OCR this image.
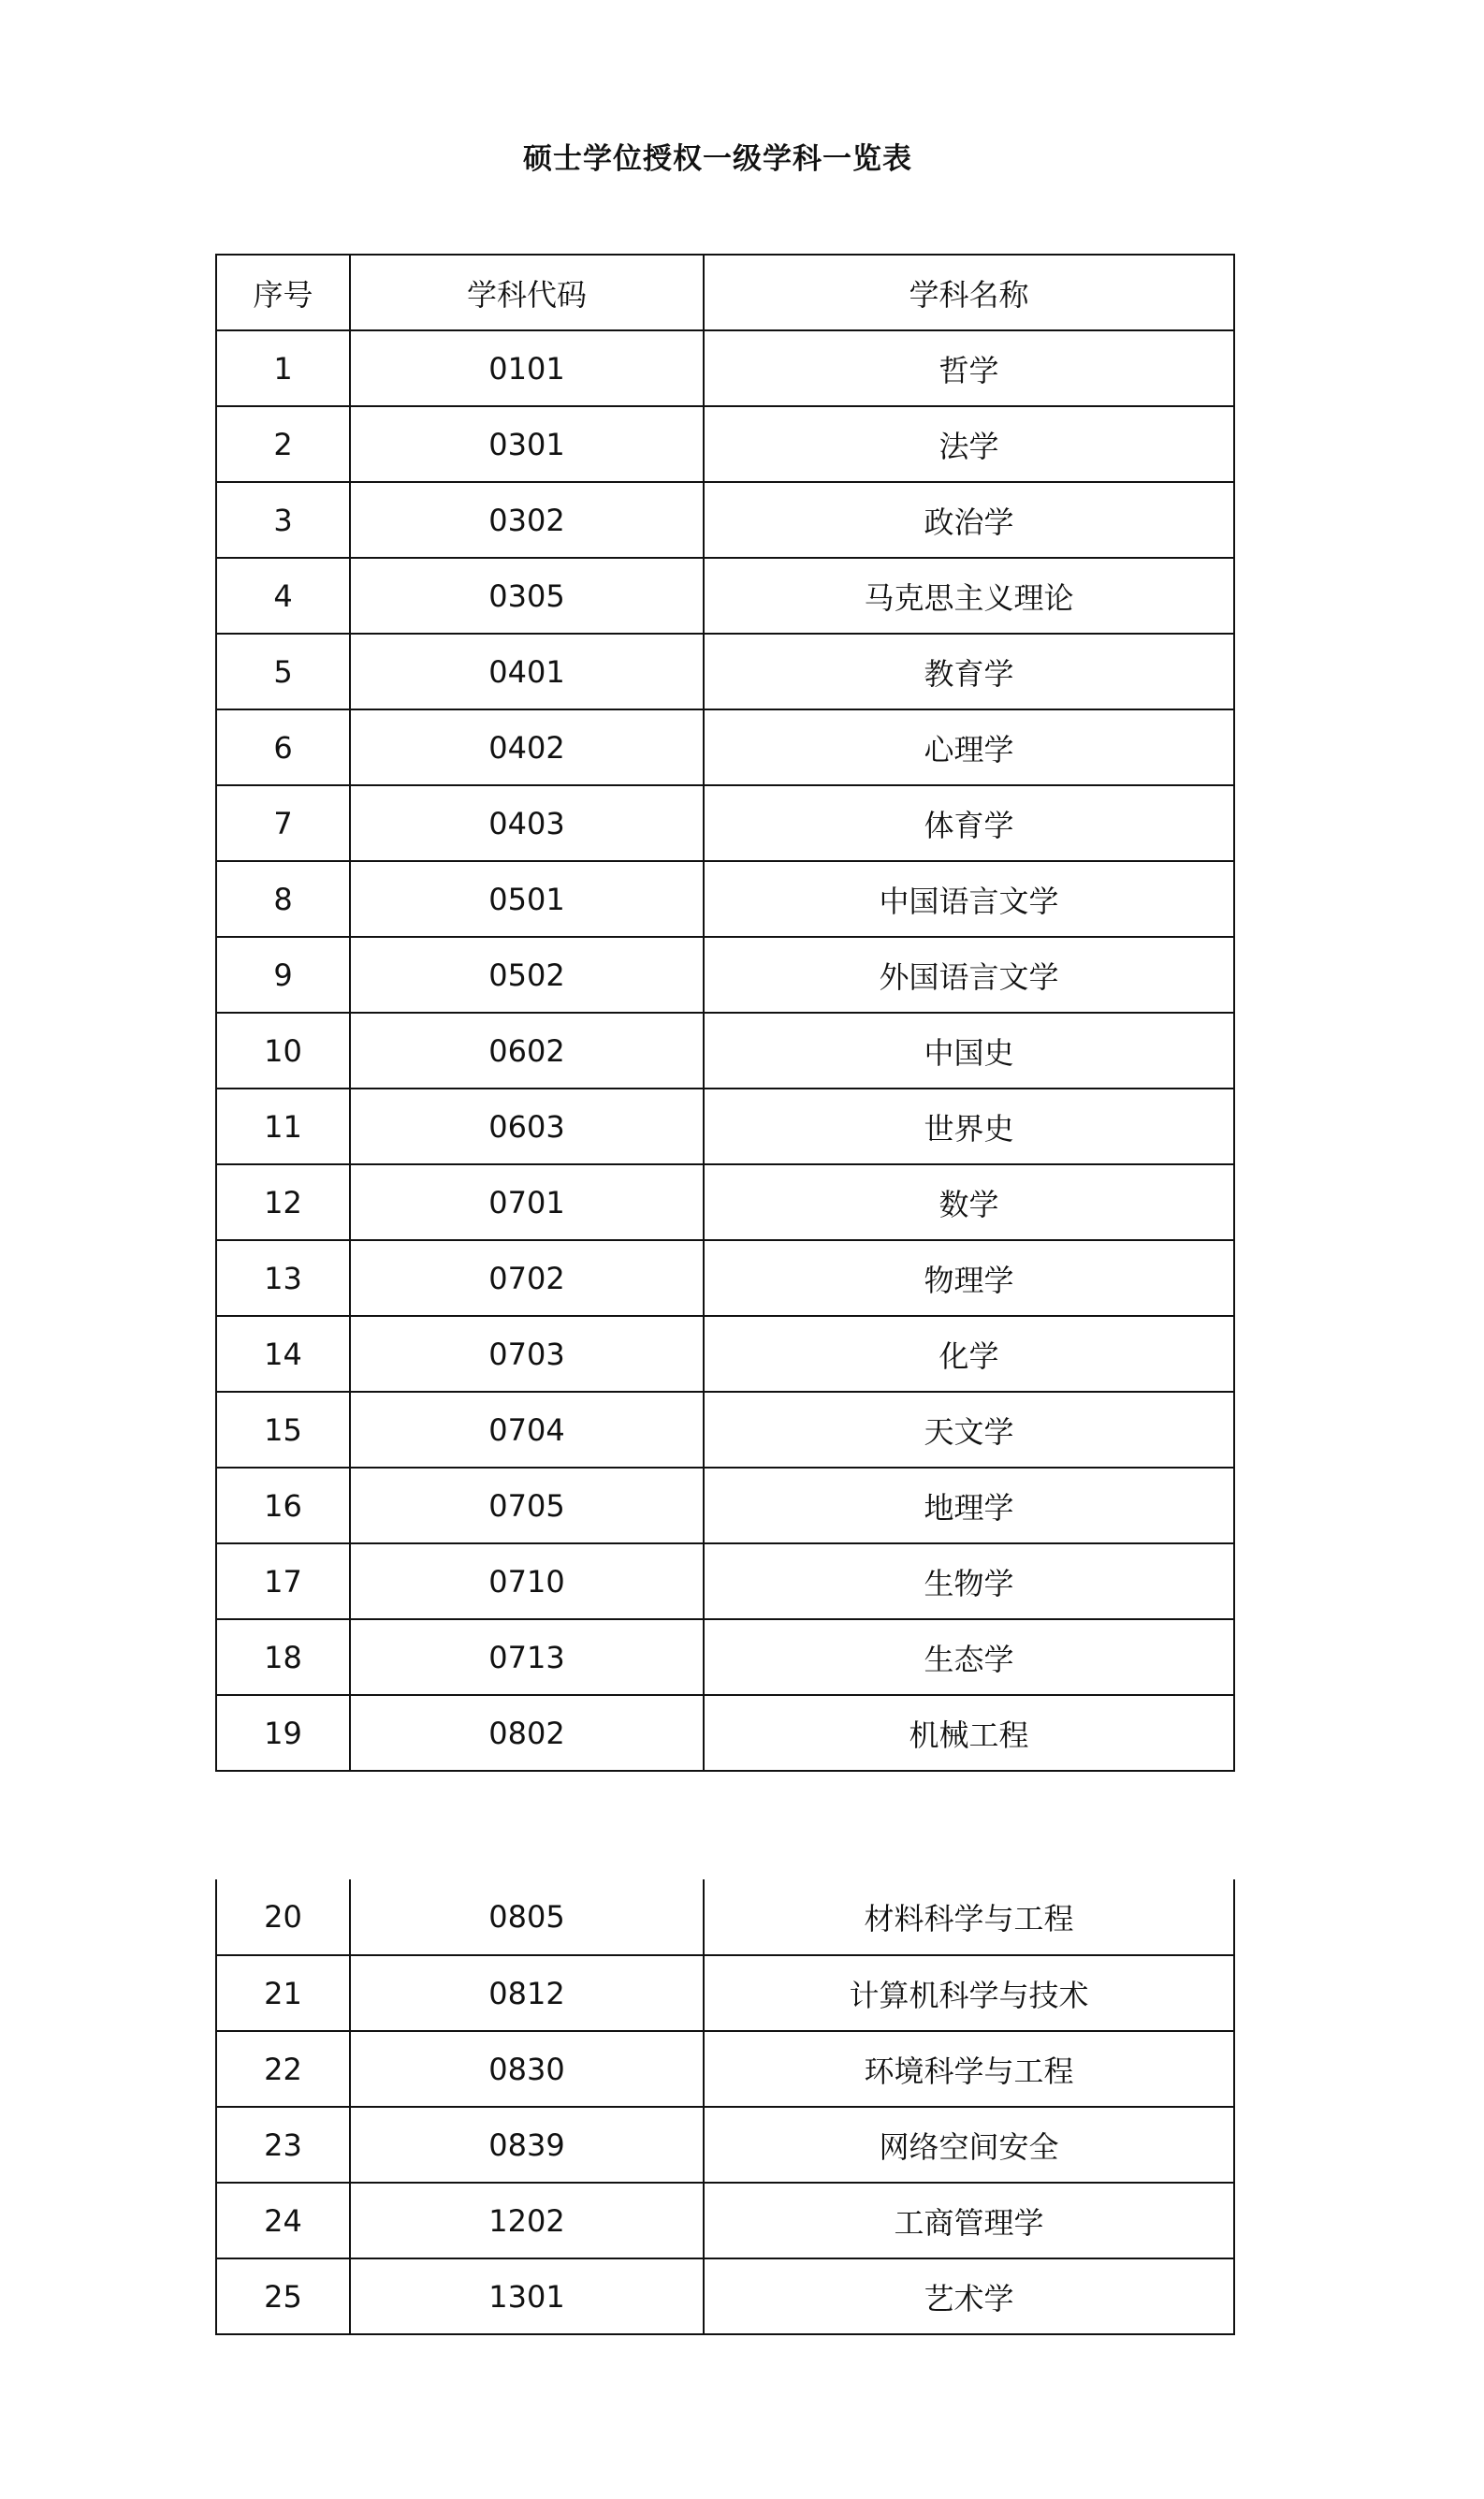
硕士学位授权一级学科一览表
序号	学科代码	学科名称
1	0101	哲学
2	0301	法学
3	0302	政治学
4	0305	马克思主义理论
5	0401	教育学
6	0402	心理学
7	0403	体育学
8	0501	中国语言文学
9	0502	外国语言文学
10	0602	中国史
11	0603	世界史
12	0701	数学
13	0702	物理学
14	0703	化学
15	0704	天文学
16	0705	地理学
17	0710	生物学
18	0713	生态学
19	0802	机械工程
20	0805	材料科学与工程
21	0812	计算机科学与技术
22	0830	环境科学与工程
23	0839	网络空间安全
24	1202	工商管理学
25	1301	艺术学
